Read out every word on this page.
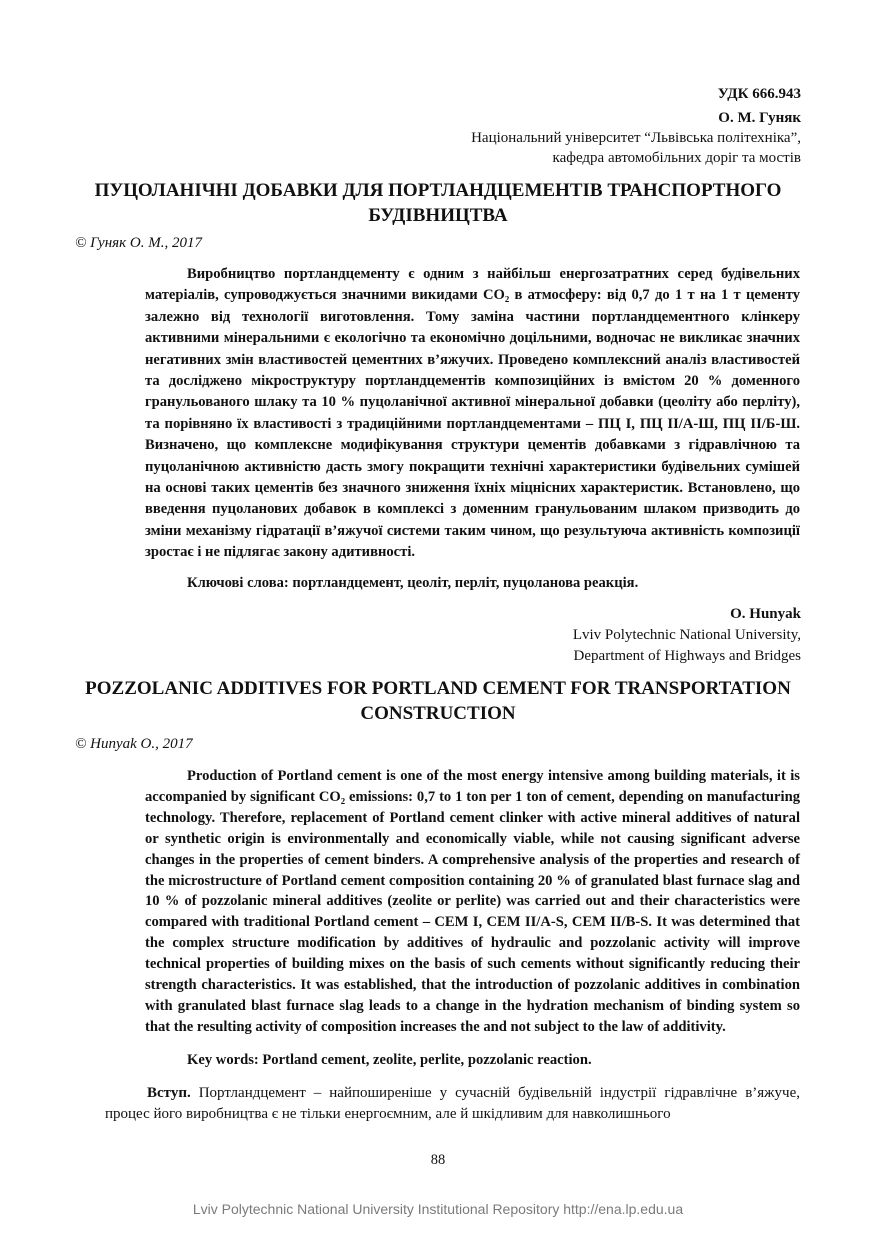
УДК 666.943
О. М. Гуняк
Національний університет “Львівська політехніка”,
кафедра автомобільних доріг та мостів
ПУЦОЛАНІЧНІ ДОБАВКИ ДЛЯ ПОРТЛАНДЦЕМЕНТІВ ТРАНСПОРТНОГО БУДІВНИЦТВА
© Гуняк О. М., 2017
Виробництво портландцементу є одним з найбільш енергозатратних серед будівельних матеріалів, супроводжується значними викидами CO₂ в атмосферу: від 0,7 до 1 т на 1 т цементу залежно від технології виготовлення. Тому заміна частини портландцементного клінкеру активними мінеральними є екологічно та економічно доцільними, водночас не викликає значних негативних змін властивостей цементних в’яжучих. Проведено комплексний аналіз властивостей та досліджено мікроструктуру портландцементів композиційних із вмістом 20 % доменного гранульованого шлаку та 10 % пуцоланічної активної мінеральної добавки (цеоліту або перліту), та порівняно їх властивості з традиційними портландцементами – ПЦ І, ПЦ ІІ/А-Ш, ПЦ ІІ/Б-Ш. Визначено, що комплексне модифікування структури цементів добавками з гідравлічною та пуцоланічною активністю дасть змогу покращити технічні характеристики будівельних сумішей на основі таких цементів без значного зниження їхніх міцнісних характеристик. Встановлено, що введення пуцоланових добавок в комплексі з доменним гранульованим шлаком призводить до зміни механізму гідратації в’яжучої системи таким чином, що результуюча активність композиції зростає і не підлягає закону адитивності.
Ключові слова: портландцемент, цеоліт, перліт, пуцоланова реакція.
O. Hunyak
Lviv Polytechnic National University,
Department of Highways and Bridges
POZZOLANIC ADDITIVES FOR PORTLAND CEMENT FOR TRANSPORTATION CONSTRUCTION
© Hunyak O., 2017
Production of Portland cement is one of the most energy intensive among building materials, it is accompanied by significant CO₂ emissions: 0,7 to 1 ton per 1 ton of cement, depending on manufacturing technology. Therefore, replacement of Portland cement clinker with active mineral additives of natural or synthetic origin is environmentally and economically viable, while not causing significant adverse changes in the properties of cement binders. A comprehensive analysis of the properties and research of the microstructure of Portland cement composition containing 20 % of granulated blast furnace slag and 10 % of pozzolanic mineral additives (zeolite or perlite) was carried out and their characteristics were compared with traditional Portland cement – CEM I, CEM II/A-S, CEM II/B-S. It was determined that the complex structure modification by additives of hydraulic and pozzolanic activity will improve technical properties of building mixes on the basis of such cements without significantly reducing their strength characteristics. It was established, that the introduction of pozzolanic additives in combination with granulated blast furnace slag leads to a change in the hydration mechanism of binding system so that the resulting activity of composition increases the and not subject to the law of additivity.
Key words: Portland cement, zeolite, perlite, pozzolanic reaction.
Вступ. Портландцемент – найпоширеніше у сучасній будівельній індустрії гідравлічне в’яжуче, процес його виробництва є не тільки енергоємним, але й шкідливим для навколишнього
88
Lviv Polytechnic National University Institutional Repository http://ena.lp.edu.ua
